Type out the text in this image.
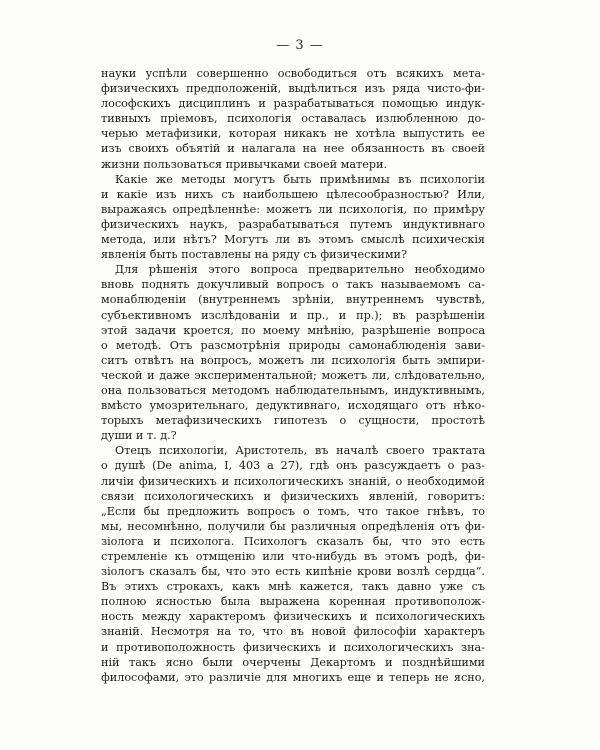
— 3 —
науки успѣли совершенно освободиться отъ всякихъ мета-
физическихъ предположенiй, выдѣлиться изъ ряда чисто-фи-
лософскихъ дисциплинъ и разрабатываться помощью индук-
тивныхъ прiемовъ, психологiя оставалась излюбленною до-
черью метафизики, которая никакъ не хотѣла выпустить ее
изъ своихъ объятiй и налагала на нее обязанность въ своей
жизни пользоваться привычками своей матери.
Какiе же методы могутъ быть примѣнимы въ психологiи
и какiе изъ нихъ съ наибольшею цѣлесообразностью? Или,
выражаясь опредѣленнѣе: можетъ ли психологiя, по примѣру
физическихъ наукъ, разрабатываться путемъ индуктивнаго
метода, или нѣтъ? Могутъ ли въ этомъ смыслѣ психическiя
явленiя быть поставлены на ряду съ физическими?
Для рѣшенiя этого вопроса предварительно необходимо
вновь поднять докучливый вопросъ о такъ называемомъ са-
монаблюденiи (внутреннемъ зрѣнiи, внутреннемъ чувствѣ,
субъективномъ изслѣдованiи и пр., и пр.); въ разрѣшенiи
этой задачи кроется, по моему мнѣнiю, разрѣшенiе вопроса
о методѣ. Отъ разсмотрѣнiя природы самонаблюденiя зави-
ситъ отвѣтъ на вопросъ, можетъ ли психологiя быть эмпири-
ческой и даже экспериментальной; можетъ ли, слѣдовательно,
она пользоваться методомъ наблюдательнымъ, индуктивнымъ,
вмѣсто умозрительнаго, дедуктивнаго, исходящаго отъ нѣко-
торыхъ метафизическихъ гипотезъ о сущности, простотѣ
души и т. д.?
Отецъ психологiи, Аристотель, въ началѣ своего трактата
о душѣ (De anima, I, 403 a 27), гдѣ онъ разсуждаетъ о раз-
личiи физическихъ и психологическихъ знанiй, о необходимой
связи психологическихъ и физическихъ явленiй, говоритъ:
„Если бы предложить вопросъ о томъ, что такое гнѣвъ, то
мы, несомнѣнно, получили бы различныя опредѣленiя отъ фи-
зiолога и психолога. Психологъ сказалъ бы, что это есть
стремленiе къ отмщенiю или что-нибудь въ этомъ родѣ, фи-
зiологъ сказалъ бы, что это есть кипѣнiе крови возлѣ сердца“.
Въ этихъ строкахъ, какъ мнѣ кажется, такъ давно уже съ
полною ясностью была выражена коренная противополож-
ность между характеромъ физическихъ и психологическихъ
знанiй. Несмотря на то, что въ новой философiи характеръ
и противоположность физическихъ и психологическихъ зна-
нiй такъ ясно были очерчены Декартомъ и позднѣйшими
философами, это различiе для многихъ еще и теперь не ясно,
